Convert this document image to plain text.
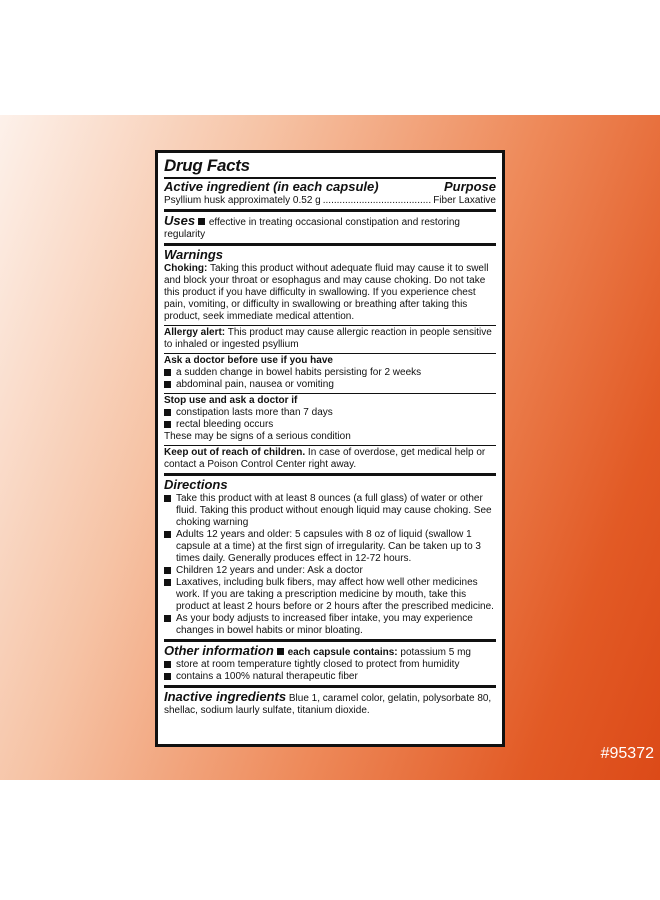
Drug Facts
Active ingredient (in each capsule)	Purpose
Psyllium husk approximately 0.52 g
.....	Fiber Laxative
Uses effective in treating occasional constipation and restoring regularity
Warnings

Choking: Taking this product without adequate fluid may cause it to swell and block your throat or esophagus and may cause choking. Do not take this product if you have difficulty in swallowing. If you experience chest pain, vomiting, or difficulty in swallowing or breathing after taking this product, seek immediate medical attention.

Allergy alert: This product may cause allergic reaction in people sensitive to inhaled or ingested psyllium
Ask a doctor before use if you have
a sudden change in bowel habits persisting for 2 weeks
abdominal pain, nausea or vomiting
Stop use and ask a doctor if
constipation lasts more than 7 days
rectal bleeding occurs
These may be signs of a serious condition
Keep out of reach of children. In case of overdose, get medical help or contact a Poison Control Center right away.
Directions
Take this product with at least 8 ounces (a full glass) of water or other fluid. Taking this product without enough liquid may cause choking. See choking warning
Adults 12 years and older: 5 capsules with 8 oz of liquid (swallow 1 capsule at a time) at the first sign of irregularity. Can be taken up to 3 times daily. Generally produces effect in 12-72 hours.
Children 12 years and under: Ask a doctor
Laxatives, including bulk fibers, may affect how well other medicines work. If you are taking a prescription medicine by mouth, take this product at least 2 hours before or 2 hours after the prescribed medicine.
As your body adjusts to increased fiber intake, you may experience changes in bowel habits or minor bloating.
Other information each capsule contains: potassium 5 mg
store at room temperature tightly closed to protect from humidity
contains a 100% natural therapeutic fiber
Inactive ingredients Blue 1, caramel color, gelatin, polysorbate 80, shellac, sodium laurly sulfate, titanium dioxide.
#95372
